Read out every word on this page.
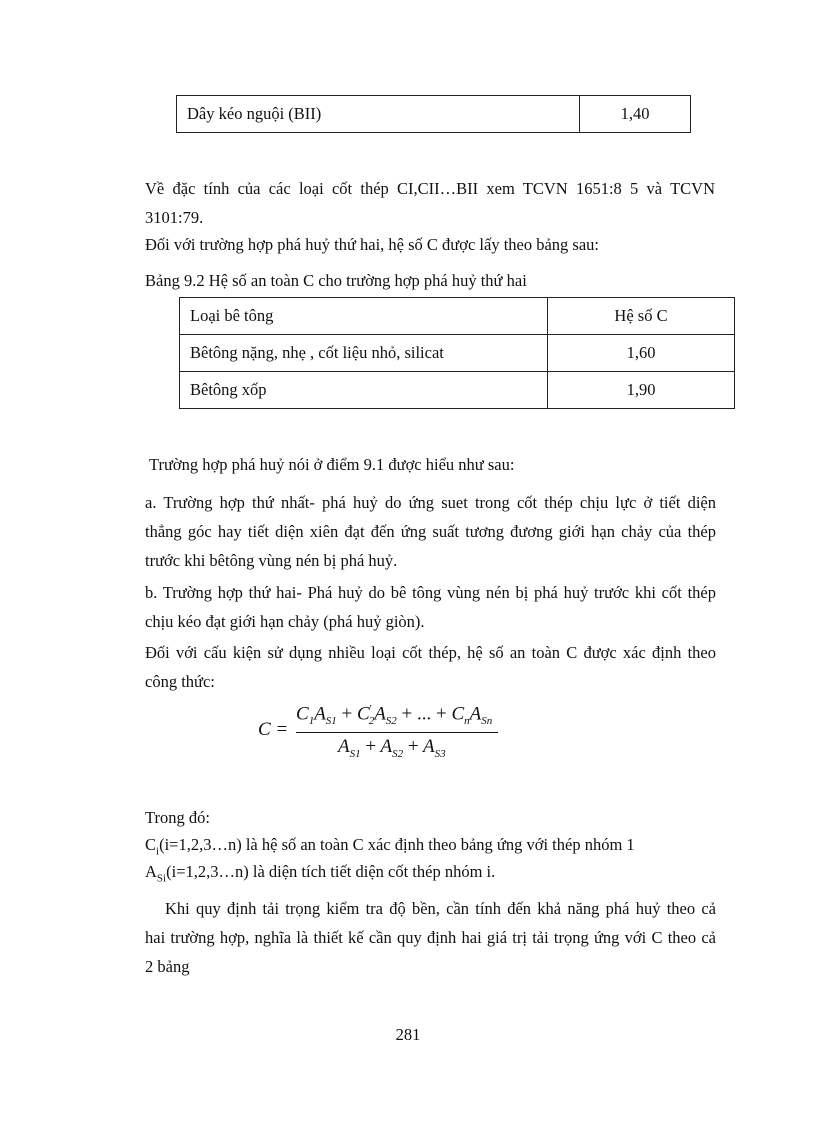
Dây kéo nguội (BII)	1,40
Về đặc tính của các loại cốt thép CI,CII…BII xem TCVN 1651:8 5 và TCVN
3101:79.
Đối với trường hợp phá huỷ thứ hai, hệ số C được lấy theo bảng sau:
Bảng 9.2 Hệ số an toàn C cho trường hợp phá huỷ thứ hai
Loại bê tông	Hệ số C
Bêtông nặng, nhẹ , cốt liệu nhỏ, silicat	1,60
Bêtông xốp	1,90
Trường hợp phá huỷ nói ở điểm 9.1 được hiểu như sau:
a. Trường hợp thứ nhất- phá huỷ do ứng suet trong cốt thép chịu lực ở tiết diện
thẳng góc hay tiết diện xiên đạt đến ứng suất tương đương giới hạn chảy của thép
trước khi bêtông vùng nén bị phá huỷ.
b. Trường hợp thứ hai- Phá huỷ do bê tông vùng nén bị phá huỷ trước khi cốt thép
chịu kéo đạt giới hạn chảy (phá huỷ giòn).
Đối với cấu kiện sử dụng nhiều loại cốt thép, hệ số an toàn C được xác định theo
công thức:
C =
$C_1A_{S1} + C'_2A_{S2}$ + ... + $C_nA_{Sn}$
$A_{S1} + A_{S2} + A_{S3}$
Trong đó:
$C_i(i=1,2,3\dots n)$ là hệ số an toàn C xác định theo bảng ứng với thép nhóm 1
$A_{Si}(i=1,2,3\dots n)$ là diện tích tiết diện cốt thép nhóm i.
Khi quy định tải trọng kiểm tra độ bền, cần tính đến khả năng phá huỷ theo cả
hai trường hợp, nghĩa là thiết kế cần quy định hai giá trị tải trọng ứng với C theo cả
2 bảng
281
